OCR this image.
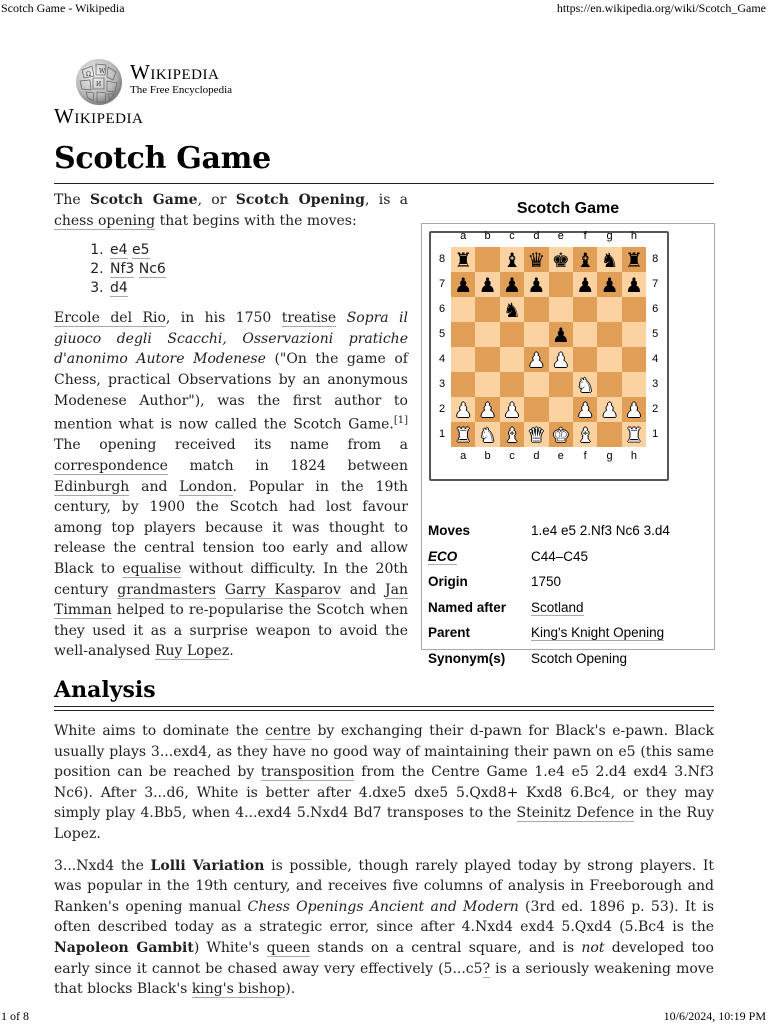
Scotch Game - Wikipedia	https://en.wikipedia.org/wiki/Scotch_Game
Ω W
И
Wikipedia
The Free Encyclopedia
Wikipedia
Scotch Game

The Scotch Game, or Scotch Opening, is a chess opening that begins with the moves:

1. e4 e5
2. Nf3 Nc6
3. d4

Ercole del Rio, in his 1750 treatise Sopra il giuoco degli Scacchi, Osservazioni pratiche d'anonimo Autore Modenese ("On the game of Chess, practical Observations by an anonymous Modenese Author"), was the first author to mention what is now called the Scotch Game.[1] The opening received its name from a correspondence match in 1824 between Edinburgh and London. Popular in the 19th century, by 1900 the Scotch had lost favour among top players because it was thought to release the central tension too early and allow Black to equalise without difficulty. In the 20th century grandmasters Garry Kasparov and Jan Timman helped to re-popularise the Scotch when they used it as a surprise weapon to avoid the well-analysed Ruy Lopez.

Scotch Game
a
a
b
b
c
c
d
d
e
e
f
f
g
g
h
h
8	8
7	7
6	6
5	5
4	4
3	3
2	2
1	1
♜ ♝ ♛ ♚ ♝ ♞ ♜
♟ ♟ ♟ ♟ ♟ ♟ ♟
♞
♟
♟ ♟
♞
♟ ♟ ♟	♟ ♟ ♟
♜ ♞ ♝ ♛ ♚ ♝ ♜
Moves	1.e4 e5 2.Nf3 Nc6 3.d4
ECO	C44–C45
Origin	1750
Named after Scotland
Parent	King's Knight Opening
Synonym(s) Scotch Opening
Analysis

White aims to dominate the centre by exchanging their d-pawn for Black's e-pawn. Black usually plays 3...exd4, as they have no good way of maintaining their pawn on e5 (this same position can be reached by transposition from the Centre Game 1.e4 e5 2.d4 exd4 3.Nf3 Nc6). After 3...d6, White is better after 4.dxe5 dxe5 5.Qxd8+ Kxd8 6.Bc4, or they may simply play 4.Bb5, when 4...exd4 5.Nxd4 Bd7 transposes to the Steinitz Defence in the Ruy Lopez.

3...Nxd4 the Lolli Variation is possible, though rarely played today by strong players. It was popular in the 19th century, and receives five columns of analysis in Freeborough and Ranken's opening manual Chess Openings Ancient and Modern (3rd ed. 1896 p. 53). It is often described today as a strategic error, since after 4.Nxd4 exd4 5.Qxd4 (5.Bc4 is the Napoleon Gambit) White's queen stands on a central square, and is not developed too early since it cannot be chased away very effectively (5...c5? is a seriously weakening move that blocks Black's king's bishop).

1 of 8	10/6/2024, 10:19 PM
